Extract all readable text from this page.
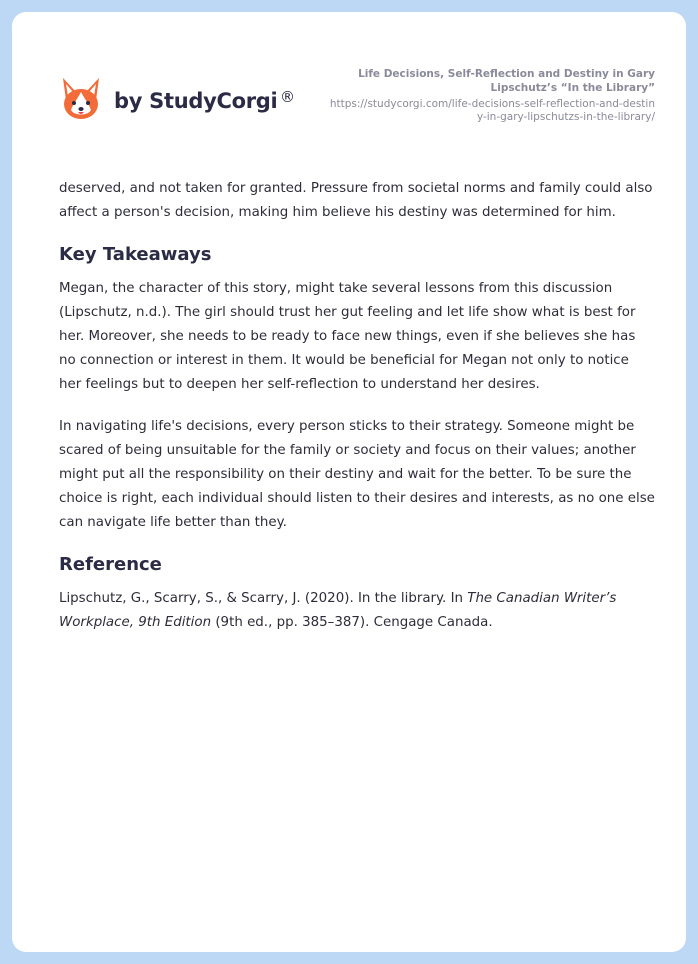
by StudyCorgi ®
Life Decisions, Self-Reflection and Destiny in Gary Lipschutz’s “In the Library”
https://studycorgi.com/life-decisions-self-reflection-and-destiny-in-gary-lipschutzs-in-the-library/

deserved, and not taken for granted. Pressure from societal norms and family could also affect a person's decision, making him believe his destiny was determined for him.

Key Takeaways

Megan, the character of this story, might take several lessons from this discussion (Lipschutz, n.d.). The girl should trust her gut feeling and let life show what is best for her. Moreover, she needs to be ready to face new things, even if she believes she has no connection or interest in them. It would be beneficial for Megan not only to notice her feelings but to deepen her self-reflection to understand her desires.

In navigating life's decisions, every person sticks to their strategy. Someone might be scared of being unsuitable for the family or society and focus on their values; another might put all the responsibility on their destiny and wait for the better. To be sure the choice is right, each individual should listen to their desires and interests, as no one else can navigate life better than they.

Reference

Lipschutz, G., Scarry, S., & Scarry, J. (2020). In the library. In The Canadian Writer’s Workplace, 9th Edition (9th ed., pp. 385–387). Cengage Canada.
